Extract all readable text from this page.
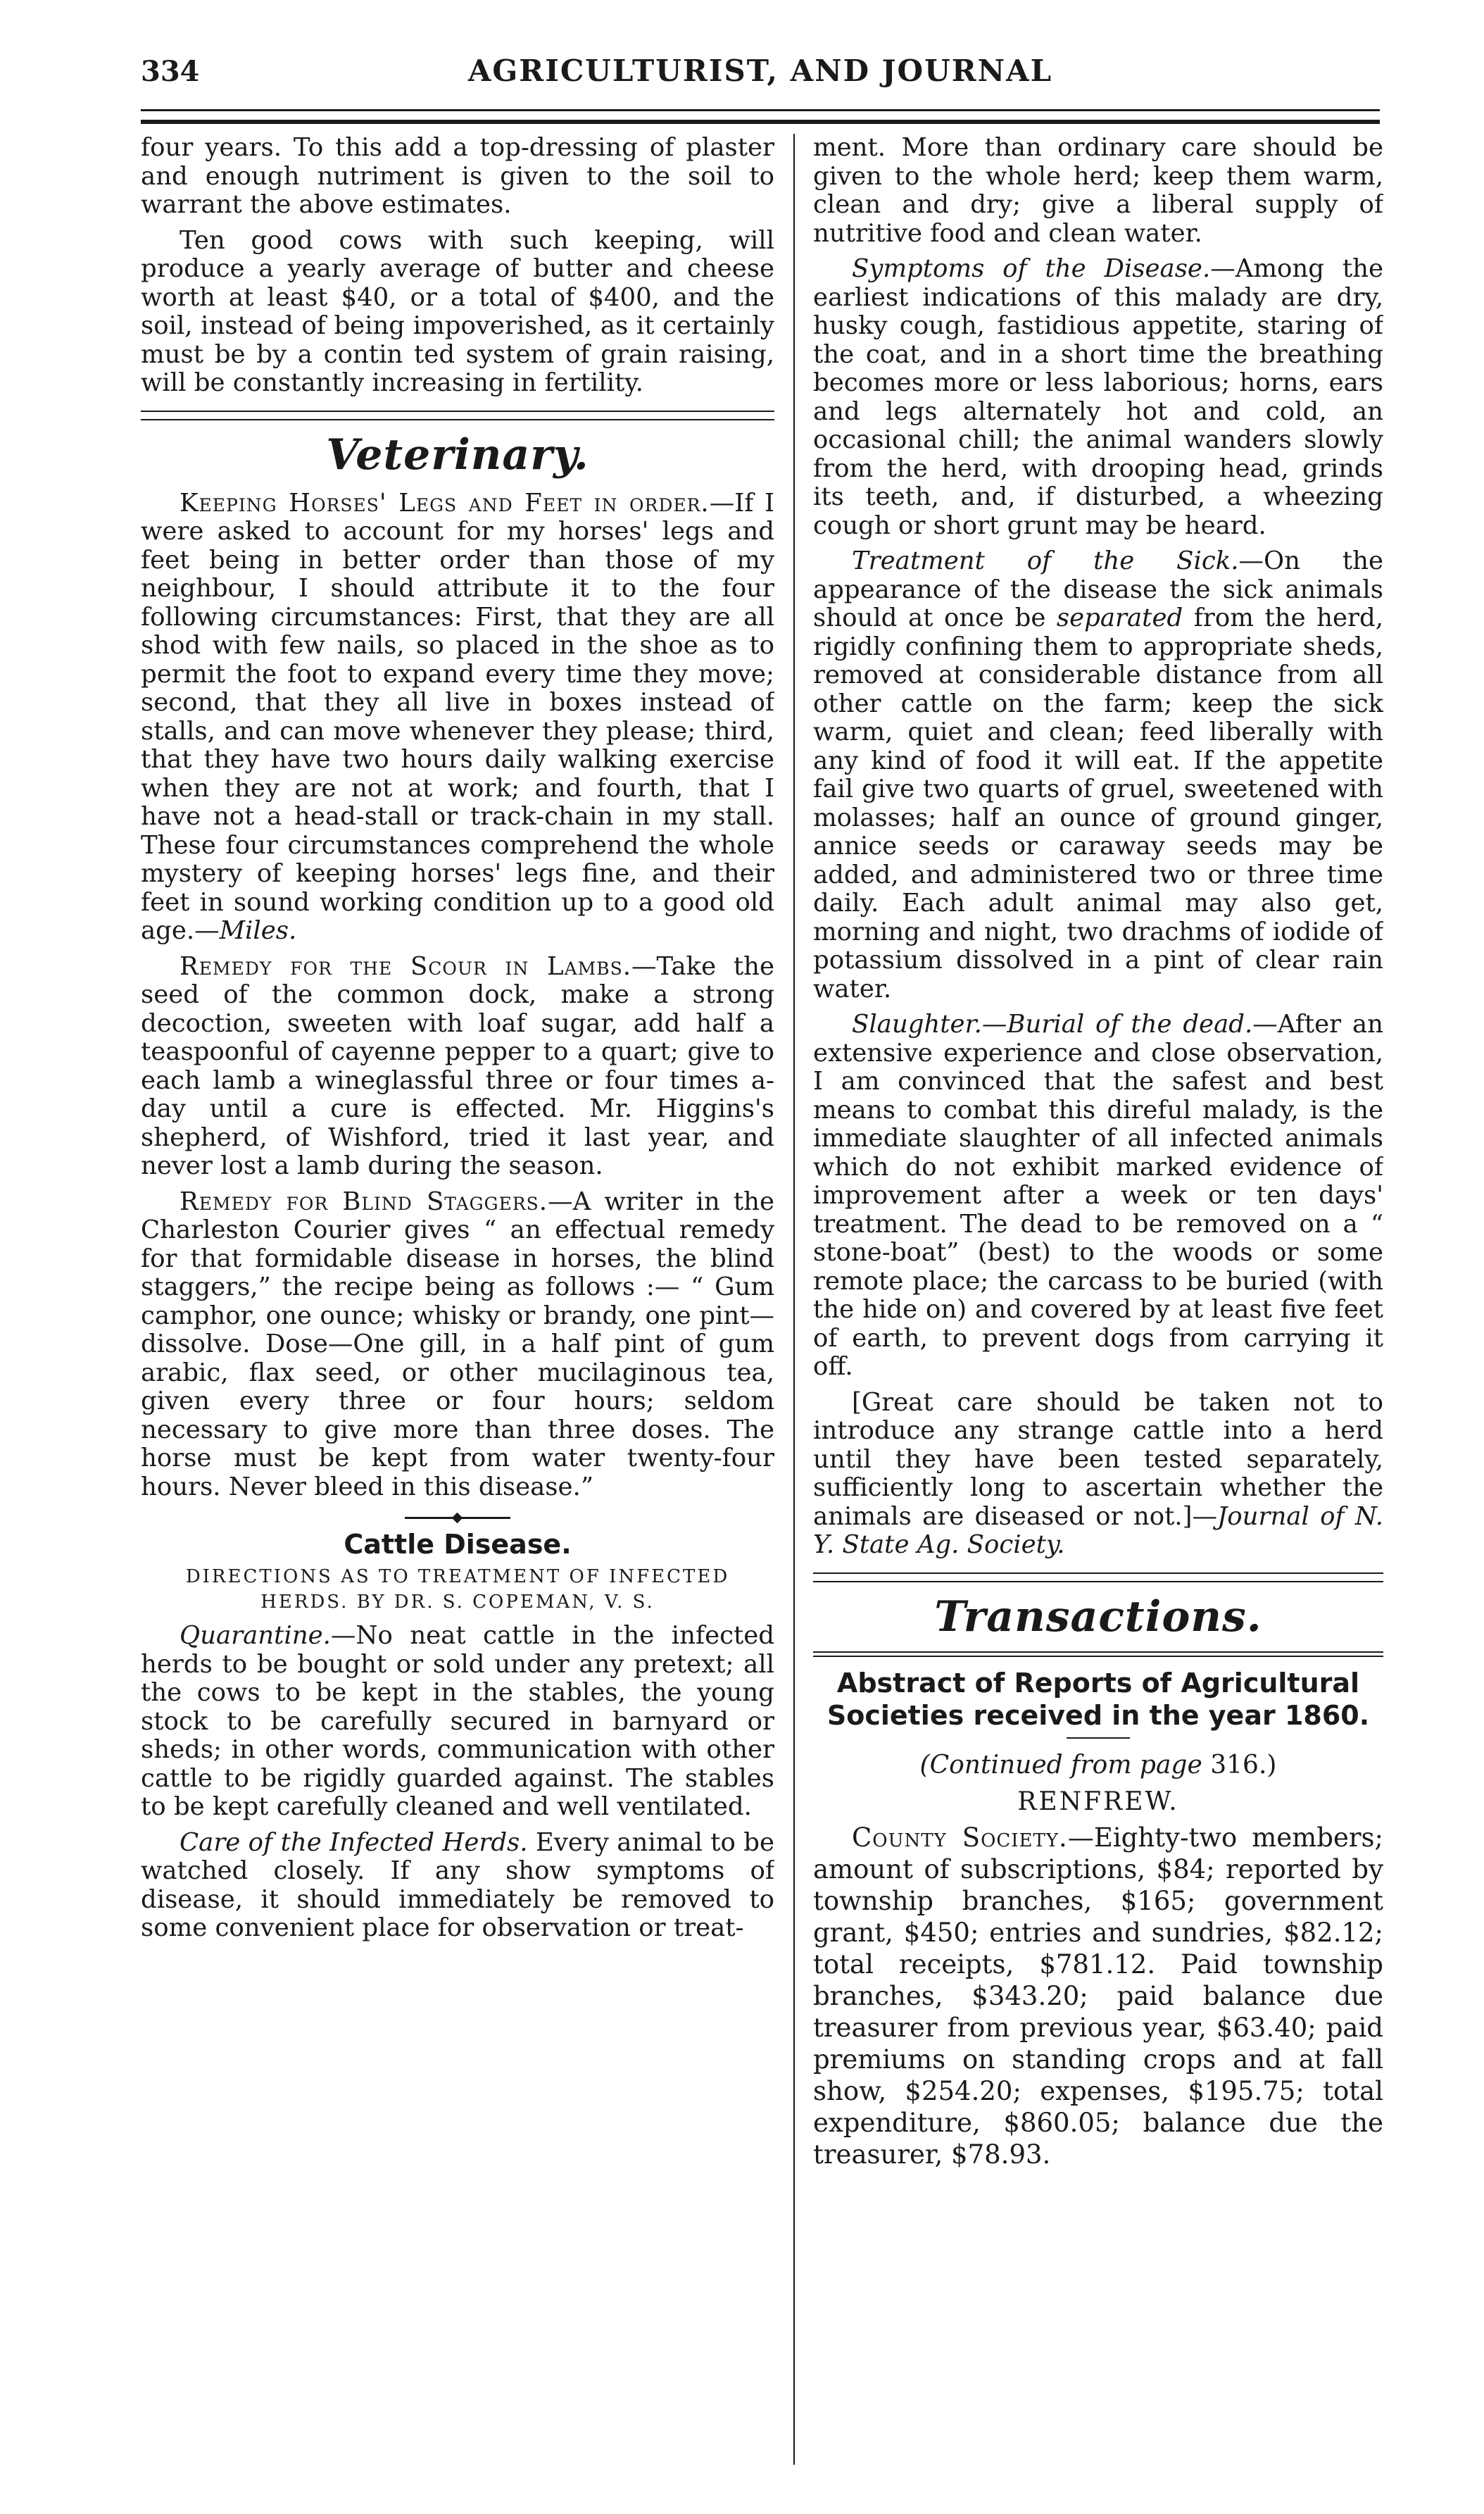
334	AGRICULTURIST, AND JOURNAL

four years. To this add a top-dressing of plaster and enough nutriment is given to the soil to warrant the above estimates.

Ten good cows with such keeping, will produce a yearly average of butter and cheese worth at least $40, or a total of $400, and the soil, instead of being impoverished, as it certainly must be by a contin ted system of grain raising, will be constantly increasing in fertility.

Veterinary.

Keeping Horses' Legs and Feet in order.—If I were asked to account for my horses' legs and feet being in better order than those of my neighbour, I should attribute it to the four following circumstances: First, that they are all shod with few nails, so placed in the shoe as to permit the foot to expand every time they move; second, that they all live in boxes instead of stalls, and can move whenever they please; third, that they have two hours daily walking exercise when they are not at work; and fourth, that I have not a head-stall or track-chain in my stall. These four circumstances comprehend the whole mystery of keeping horses' legs fine, and their feet in sound working condition up to a good old age.—Miles.

Remedy for the Scour in Lambs.—Take the seed of the common dock, make a strong decoction, sweeten with loaf sugar, add half a teaspoonful of cayenne pepper to a quart; give to each lamb a wineglassful three or four times a-day until a cure is effected. Mr. Higgins's shepherd, of Wishford, tried it last year, and never lost a lamb during the season.

Remedy for Blind Staggers.—A writer in the Charleston Courier gives “ an effectual remedy for that formidable disease in horses, the blind staggers,” the recipe being as follows :— “ Gum camphor, one ounce; whisky or brandy, one pint—dissolve. Dose—One gill, in a half pint of gum arabic, flax seed, or other mucilaginous tea, given every three or four hours; seldom necessary to give more than three doses. The horse must be kept from water twenty-four hours. Never bleed in this disease.”

Cattle Disease.
DIRECTIONS AS TO TREATMENT OF INFECTED HERDS. BY DR. S. COPEMAN, V. S.

Quarantine.—No neat cattle in the infected herds to be bought or sold under any pretext; all the cows to be kept in the stables, the young stock to be carefully secured in barnyard or sheds; in other words, communication with other cattle to be rigidly guarded against. The stables to be kept carefully cleaned and well ventilated.

Care of the Infected Herds. Every animal to be watched closely. If any show symptoms of disease, it should immediately be removed to some convenient place for observation or treat-

ment. More than ordinary care should be given to the whole herd; keep them warm, clean and dry; give a liberal supply of nutritive food and clean water.

Symptoms of the Disease.—Among the earliest indications of this malady are dry, husky cough, fastidious appetite, staring of the coat, and in a short time the breathing becomes more or less laborious; horns, ears and legs alternately hot and cold, an occasional chill; the animal wanders slowly from the herd, with drooping head, grinds its teeth, and, if disturbed, a wheezing cough or short grunt may be heard.

Treatment of the Sick.—On the appearance of the disease the sick animals should at once be separated from the herd, rigidly confining them to appropriate sheds, removed at considerable distance from all other cattle on the farm; keep the sick warm, quiet and clean; feed liberally with any kind of food it will eat. If the appetite fail give two quarts of gruel, sweetened with molasses; half an ounce of ground ginger, annice seeds or caraway seeds may be added, and administered two or three time daily. Each adult animal may also get, morning and night, two drachms of iodide of potassium dissolved in a pint of clear rain water.

Slaughter.—Burial of the dead.—After an extensive experience and close observation, I am convinced that the safest and best means to combat this direful malady, is the immediate slaughter of all infected animals which do not exhibit marked evidence of improvement after a week or ten days' treatment. The dead to be removed on a “ stone-boat” (best) to the woods or some remote place; the carcass to be buried (with the hide on) and covered by at least five feet of earth, to prevent dogs from carrying it off.

[Great care should be taken not to introduce any strange cattle into a herd until they have been tested separately, sufficiently long to ascertain whether the animals are diseased or not.]—Journal of N. Y. State Ag. Society.

Transactions.
Abstract of Reports of Agricultural Societies received in the year 1860.
(Continued from page 316.)
RENFREW.

County Society.—Eighty-two members; amount of subscriptions, $84; reported by township branches, $165; government grant, $450; entries and sundries, $82.12; total receipts, $781.12. Paid township branches, $343.20; paid balance due treasurer from previous year, $63.40; paid premiums on standing crops and at fall show, $254.20; expenses, $195.75; total expenditure, $860.05; balance due the treasurer, $78.93.
